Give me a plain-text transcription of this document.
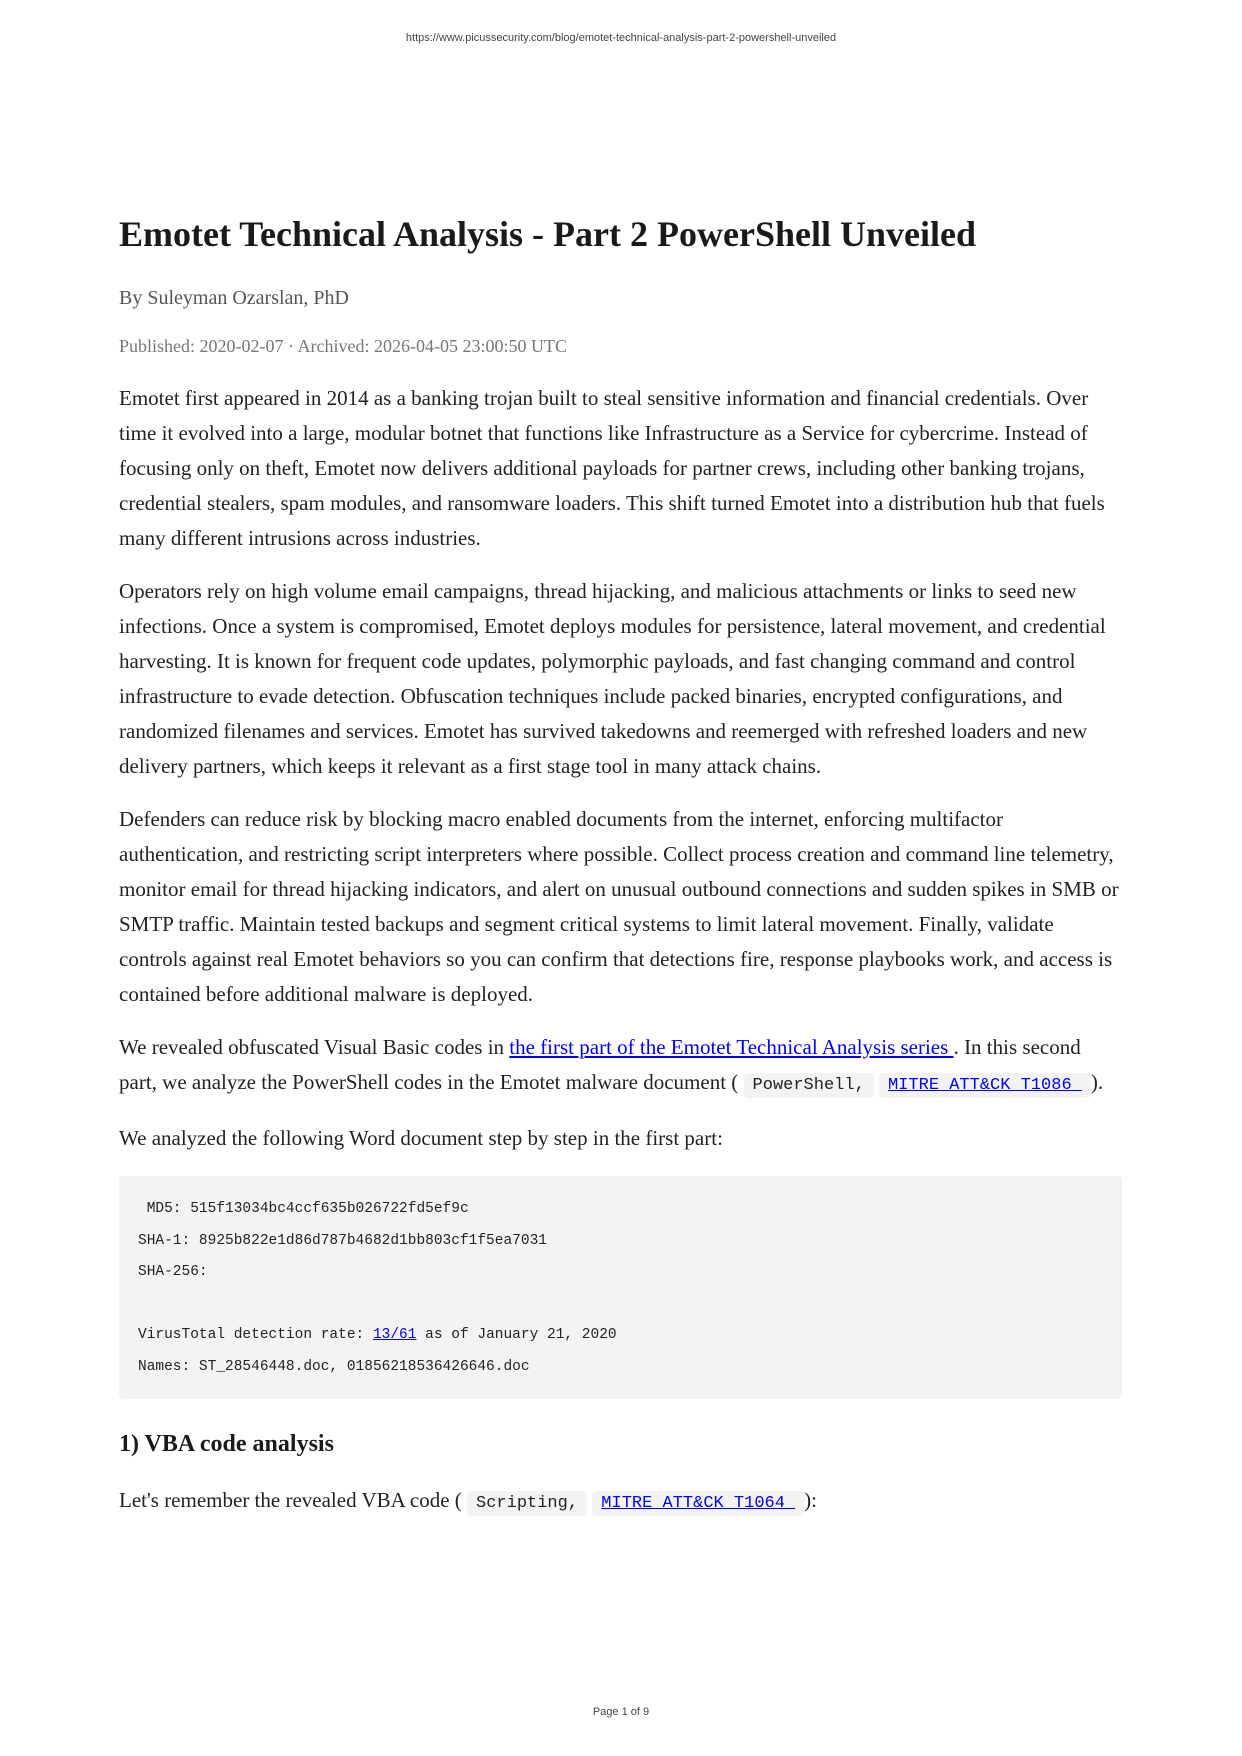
https://www.picussecurity.com/blog/emotet-technical-analysis-part-2-powershell-unveiled
Emotet Technical Analysis - Part 2 PowerShell Unveiled
By Suleyman Ozarslan, PhD
Published: 2020-02-07 · Archived: 2026-04-05 23:00:50 UTC

Emotet first appeared in 2014 as a banking trojan built to steal sensitive information and financial credentials. Over time it evolved into a large, modular botnet that functions like Infrastructure as a Service for cybercrime. Instead of focusing only on theft, Emotet now delivers additional payloads for partner crews, including other banking trojans, credential stealers, spam modules, and ransomware loaders. This shift turned Emotet into a distribution hub that fuels many different intrusions across industries.

Operators rely on high volume email campaigns, thread hijacking, and malicious attachments or links to seed new infections. Once a system is compromised, Emotet deploys modules for persistence, lateral movement, and credential harvesting. It is known for frequent code updates, polymorphic payloads, and fast changing command and control infrastructure to evade detection. Obfuscation techniques include packed binaries, encrypted configurations, and randomized filenames and services. Emotet has survived takedowns and reemerged with refreshed loaders and new delivery partners, which keeps it relevant as a first stage tool in many attack chains.

Defenders can reduce risk by blocking macro enabled documents from the internet, enforcing multifactor authentication, and restricting script interpreters where possible. Collect process creation and command line telemetry, monitor email for thread hijacking indicators, and alert on unusual outbound connections and sudden spikes in SMB or SMTP traffic. Maintain tested backups and segment critical systems to limit lateral movement. Finally, validate controls against real Emotet behaviors so you can confirm that detections fire, response playbooks work, and access is contained before additional malware is deployed.

We revealed obfuscated Visual Basic codes in the first part of the Emotet Technical Analysis series . In this second part, we analyze the PowerShell codes in the Emotet malware document ( PowerShell, MITRE ATT&CK T1086 ).

We analyzed the following Word document step by step in the first part:

MD5: 515f13034bc4ccf635b026722fd5ef9c
SHA-1: 8925b822e1d86d787b4682d1bb803cf1f5ea7031
SHA-256:

VirusTotal detection rate: 13/61 as of January 21, 2020
Names: ST_28546448.doc, 01856218536426646.doc
1) VBA code analysis

Let's remember the revealed VBA code ( Scripting, MITRE ATT&CK T1064 ):

Page 1 of 9
